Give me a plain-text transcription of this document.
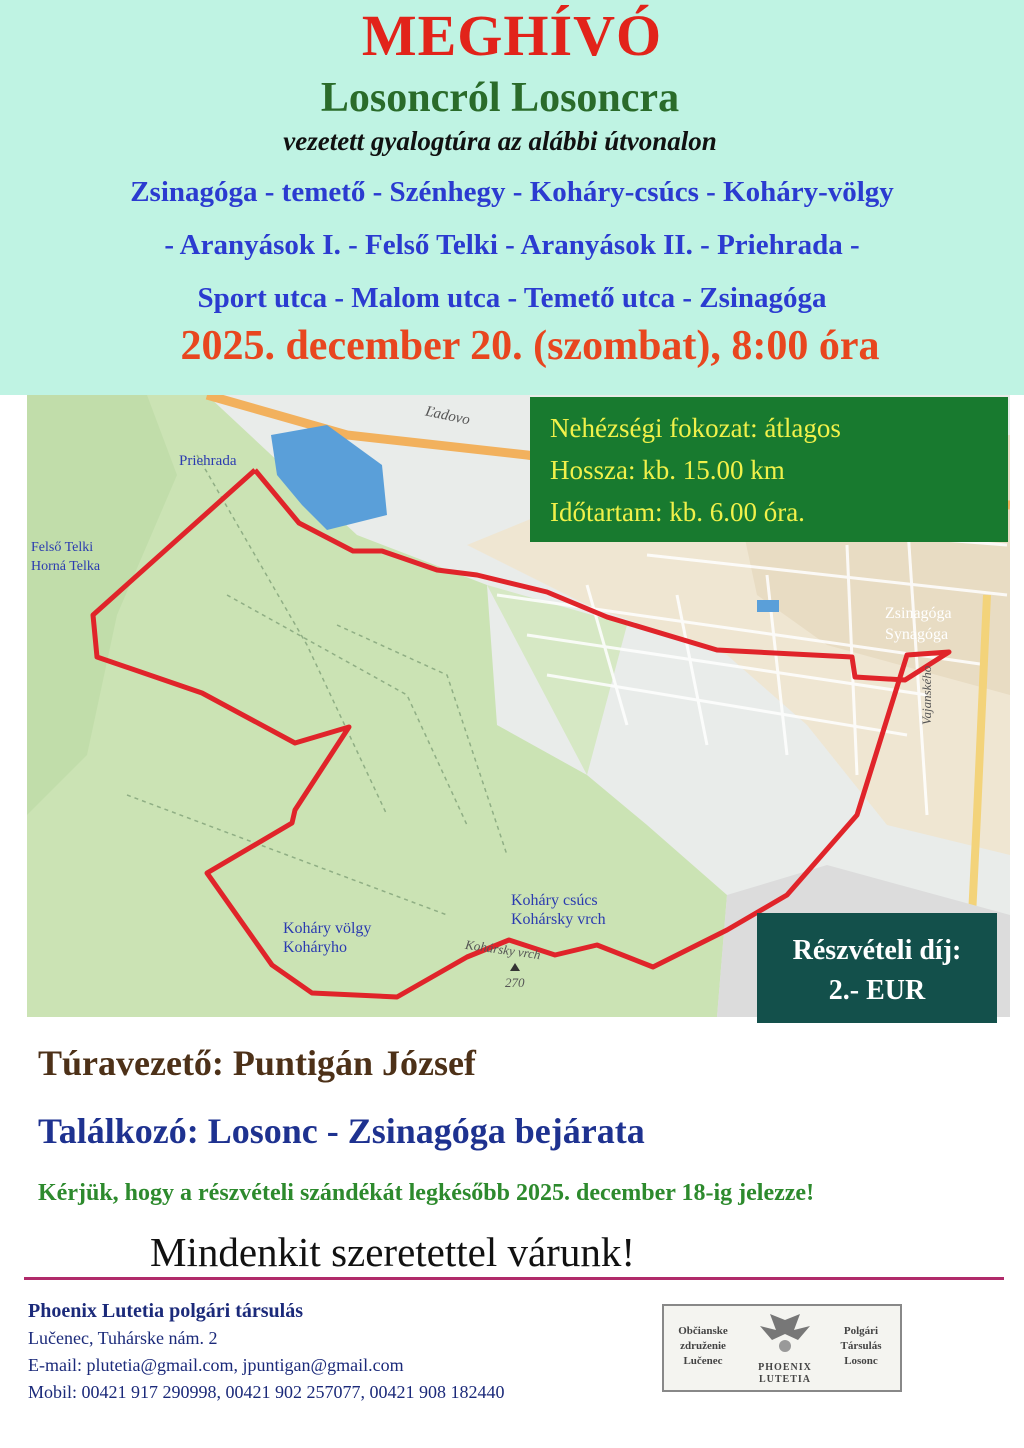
MEGHÍVÓ
Losoncról Losoncra
vezetett gyalogtúra az alábbi útvonalon
Zsinagóga - temető - Szénhegy - Koháry-csúcs - Koháry-völgy
- Aranyások I. - Felső Telki - Aranyások II. - Priehrada -
Sport utca - Malom utca - Temető utca - Zsinagóga
2025. december 20. (szombat), 8:00 óra
Ľadovo
Priehrada
Felső Telki
Horná Telka
Zsinagóga
Synagóga
Koháry völgy
Koháryho
Koháry csúcs
Kohársky vrch
Kohársky vrch
270
Vajanského
Nehézségi fokozat: átlagos
Hossza: kb. 15.00 km
Időtartam: kb. 6.00 óra.
Részvételi díj:
2.- EUR
Túravezető: Puntigán József
Találkozó: Losonc - Zsinagóga bejárata
Kérjük, hogy a részvételi szándékát legkésőbb 2025. december 18-ig jelezze!
Mindenkit szeretettel várunk!
Phoenix Lutetia polgári társulás
Lučenec, Tuhárske nám. 2
E-mail: plutetia@gmail.com, jpuntigan@gmail.com
Mobil: 00421 917 290998, 00421 902 257077, 00421 908 182440
Občianske
združenie
Lučenec
PHOENIX
LUTETIA
Polgári
Társulás
Losonc
